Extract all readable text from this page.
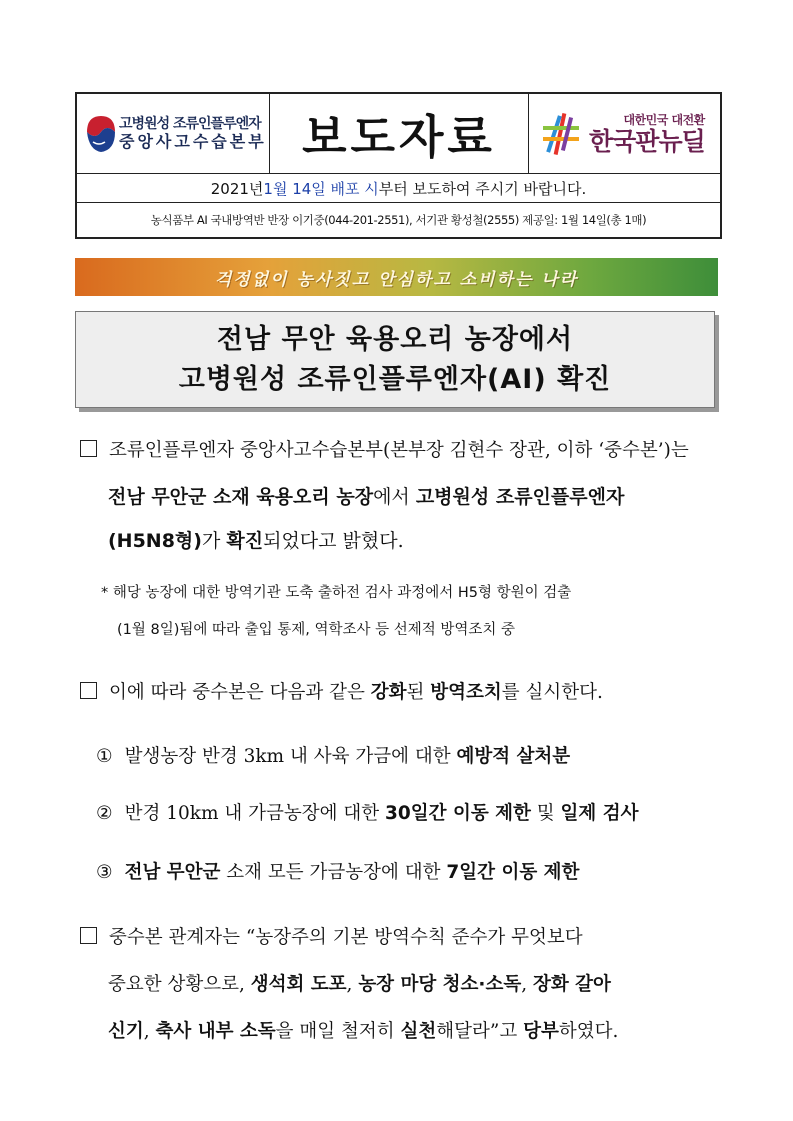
고병원성 조류인플루엔자
중앙사고수습본부 보도자료	대한민국 대전환
한국판뉴딜
2021년 1월 14일 배포 시 부터 보도하여 주시기 바랍니다.
농식품부 AI 국내방역반 반장 이기중(044-201-2551), 서기관 황성철(2555) 제공일: 1월 14일(총 1매)
걱정없이 농사짓고 안심하고 소비하는 나라
전남 무안 육용오리 농장에서
고병원성 조류인플루엔자(AI) 확진
조류인플루엔자 중앙사고수습본부(본부장 김현수 장관, 이하 ‘중수본’)는
전남 무안군 소재 육용오리 농장에서 고병원성 조류인플루엔자
(H5N8형)가 확진되었다고 밝혔다.
* 해당 농장에 대한 방역기관 도축 출하전 검사 과정에서 H5형 항원이 검출
(1월 8일)됨에 따라 출입 통제, 역학조사 등 선제적 방역조치 중
이에 따라 중수본은 다음과 같은 강화된 방역조치를 실시한다.
① 발생농장 반경 3km 내 사육 가금에 대한 예방적 살처분
② 반경 10km 내 가금농장에 대한 30일간 이동 제한 및 일제 검사
③ 전남 무안군 소재 모든 가금농장에 대한 7일간 이동 제한
중수본 관계자는 “농장주의 기본 방역수칙 준수가 무엇보다
중요한 상황으로, 생석회 도포, 농장 마당 청소·소독, 장화 갈아
신기, 축사 내부 소독을 매일 철저히 실천해달라”고 당부하였다.
